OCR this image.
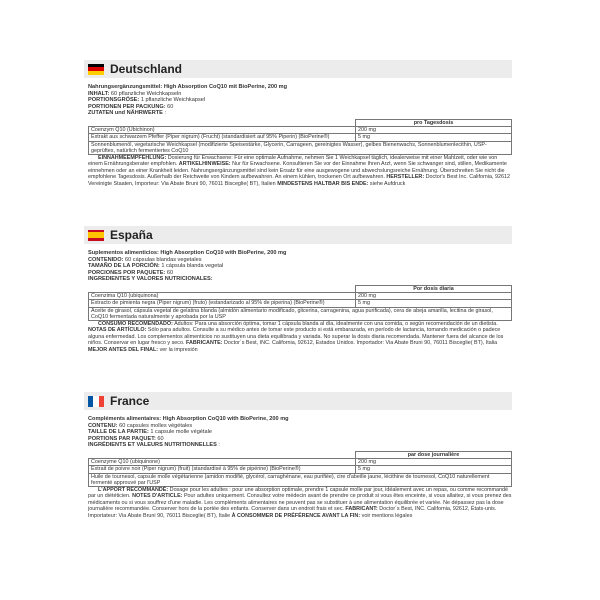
Deutschland
Nahrungsergänzungsmittel: High Absorption CoQ10 mit BioPerine, 200 mg
INHALT: 60 pflanzliche Weichkapseln
PORTIONSGRÖSE: 1 pflanzliche Weichkapsel
PORTIONEN PER PACKUNG: 60
ZUTATEN und NÄHRWERTE :
	pro Tagesdosis
Coenzym Q10 (Ubichinon)	200 mg
Extrakt aus schwarzem Pfeffer (Piper nigrum) (Frucht) (standardisiert auf 95% Piperin) (BioPerine®)	5 mg
Sonnenblumenöl, vegetarische Weichkapsel (modifizierte Speisestärke, Glycerin, Carrageen, gereinigtes Wasser), gelbes Bienenwachs, Sonnenblumenlecithin, USP-geprüftes, natürlich fermentiertes CoQ10	
EINNAHMEEMPFEHLUNG: Dosierung für Erwachsene: Für eine optimale Aufnahme, nehmen Sie 1 Weichkapsel täglich, idealerweise mit einer Mahlzeit, oder wie von einem Ernährungsberater empfohlen. ARTIKELHINWEISE: Nur für Erwachsene. Konsultieren Sie vor der Einnahme Ihren Arzt, wenn Sie schwanger sind, stillen, Medikamente einnehmen oder an einer Krankheit leiden. Nahrungsergänzungsmittel sind kein Ersatz für eine ausgewogene und abwechslungsreiche Ernährung. Überschreiten Sie nicht die empfohlene Tagesdosis. Außerhalb der Reichweite von Kindern aufbewahren. An einem kühlen, trockenen Ort aufbewahren. HERSTELLER: Doctor's Best Inc. California, 92612 Vereinigte Staaten, Importeur: Via Abate Bruni 90, 76011 Bisceglie( BT), Italien MINDESTENS HALTBAR BIS ENDE: siehe Aufdruck
España
Suplementos alimenticios: High Absorption CoQ10 with BioPerine, 200 mg
CONTENIDO: 60 cápsulas blandas vegetales
TAMAÑO DE LA PORCIÓN: 1 cápsula blanda vegetal
PORCIONES POR PAQUETE: 60
INGREDIENTES Y VALORES NUTRICIONALES:
	Por dosis diaria
Coenzima Q10 (ubiquinona)	200 mg
Extracto de pimienta negra (Piper nigrum) (fruto) (estandarizado al 95% de piperina) (BioPerine®)	5 mg
Aceite de girasol, cápsula vegetal de gelatina blanda (almidón alimentario modificado, glicerina, carragenina, agua purificada), cera de abeja amarilla, lecitina de girasol, CoQ10 fermentada naturalmente y aprobada por la USP	
CONSUMO RECOMENDADO: Adultos: Para una absorción óptima, tomar 1 cápsula blanda al día, idealmente con una comida, o según recomendación de un dietista. NOTAS DE ARTÍCULO: Sólo para adultos. Consulte a su médico antes de tomar este producto si está embarazada, en período de lactancia, tomando medicación o padece alguna enfermedad. Los complementos alimenticios no sustituyen una dieta equilibrada y variada. No superar la dosis diaria recomendada. Mantener fuera del alcance de los niños. Conservar en lugar fresco y seco. FABRICANTE: Doctor´s Best, INC. California, 92612, Estados Unidos. Importador: Via Abate Bruni 90, 76011 Bisceglie( BT), Italia MEJOR ANTES DEL FINAL: ver la impresión
France
Compléments alimentaires: High Absorption CoQ10 with BioPerine, 200 mg
CONTENU: 60 capsules molles végétales
TAILLE DE LA PARTIE: 1 capsule molle végétale
PORTIONS PAR PAQUET: 60
INGRÉDIENTS ET VALEURS NUTRITIONNELLES :
	par dose journalière
Coenzyme Q10 (ubiquinone)	200 mg
Extrait de poivre noir (Piper nigrum) (fruit) (standardisé à 95% de pipérine) (BioPerine®)	5 mg
Huile de tournesol, capsule molle végétarienne (amidon modifié, glycérol, carraghénane, eau purifiée), cire d'abeille jaune, lécithine de tournesol, CoQ10 naturellement fermenté approuvé par l'USP	
L'APPORT RECOMMANDÉ: Dosage pour les adultes : pour une absorption optimale, prendre 1 capsule molle par jour, idéalement avec un repas, ou comme recommandé par un diététicien. NOTES D'ARTICLE: Pour adultes uniquement. Consultez votre médecin avant de prendre ce produit si vous êtes enceinte, si vous allaitez, si vous prenez des médicaments ou si vous souffrez d'une maladie. Les compléments alimentaires ne peuvent pas se substituer à une alimentation équilibrée et variée. Ne dépassez pas la dose journalière recommandée. Conserver hors de la portée des enfants. Conserver dans un endroit frais et sec. FABRICANT: Doctor´s Best, INC. California, 92612, États-unis. Importateur: Via Abate Bruni 90, 76011 Bisceglie( BT), Italie À CONSOMMER DE PRÉFÉRENCE AVANT LA FIN: voir mentions légales
